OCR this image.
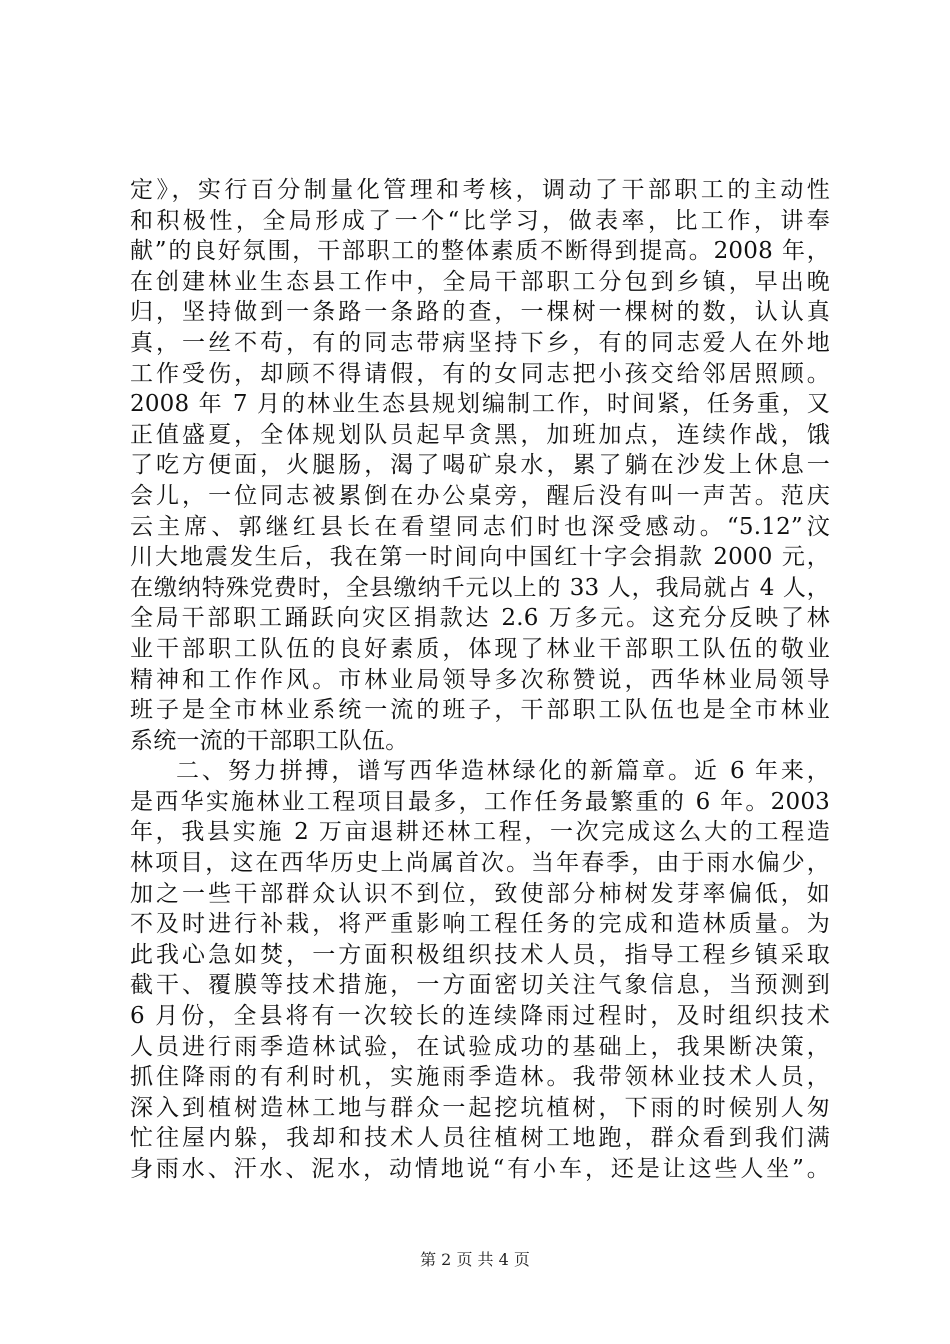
定》，实行百分制量化管理和考核，调动了干部职工的主动性
和积极性，全局形成了一个“比学习，做表率，比工作，讲奉
献”的良好氛围，干部职工的整体素质不断得到提高。2008 年，
在创建林业生态县工作中，全局干部职工分包到乡镇，早出晚
归，坚持做到一条路一条路的查，一棵树一棵树的数，认认真
真，一丝不苟，有的同志带病坚持下乡，有的同志爱人在外地
工作受伤，却顾不得请假，有的女同志把小孩交给邻居照顾。
2008 年 7 月的林业生态县规划编制工作，时间紧，任务重，又
正值盛夏，全体规划队员起早贪黑，加班加点，连续作战，饿
了吃方便面，火腿肠，渴了喝矿泉水，累了躺在沙发上休息一
会儿，一位同志被累倒在办公桌旁，醒后没有叫一声苦。范庆
云主席、郭继红县长在看望同志们时也深受感动。“5.12”汶
川大地震发生后，我在第一时间向中国红十字会捐款 2000 元，
在缴纳特殊党费时，全县缴纳千元以上的 33 人，我局就占 4 人，
全局干部职工踊跃向灾区捐款达 2.6 万多元。这充分反映了林
业干部职工队伍的良好素质，体现了林业干部职工队伍的敬业
精神和工作作风。市林业局领导多次称赞说，西华林业局领导
班子是全市林业系统一流的班子，干部职工队伍也是全市林业
系统一流的干部职工队伍。
二、努力拼搏，谱写西华造林绿化的新篇章。近 6 年来，
是西华实施林业工程项目最多，工作任务最繁重的 6 年。2003
年，我县实施 2 万亩退耕还林工程，一次完成这么大的工程造
林项目，这在西华历史上尚属首次。当年春季，由于雨水偏少，
加之一些干部群众认识不到位，致使部分柿树发芽率偏低，如
不及时进行补栽，将严重影响工程任务的完成和造林质量。为
此我心急如焚，一方面积极组织技术人员，指导工程乡镇采取
截干、覆膜等技术措施，一方面密切关注气象信息，当预测到
6 月份，全县将有一次较长的连续降雨过程时，及时组织技术
人员进行雨季造林试验，在试验成功的基础上，我果断决策，
抓住降雨的有利时机，实施雨季造林。我带领林业技术人员，
深入到植树造林工地与群众一起挖坑植树，下雨的时候别人匆
忙往屋内躲，我却和技术人员往植树工地跑，群众看到我们满
身雨水、汗水、泥水，动情地说“有小车，还是让这些人坐”。
第 2 页 共 4 页
